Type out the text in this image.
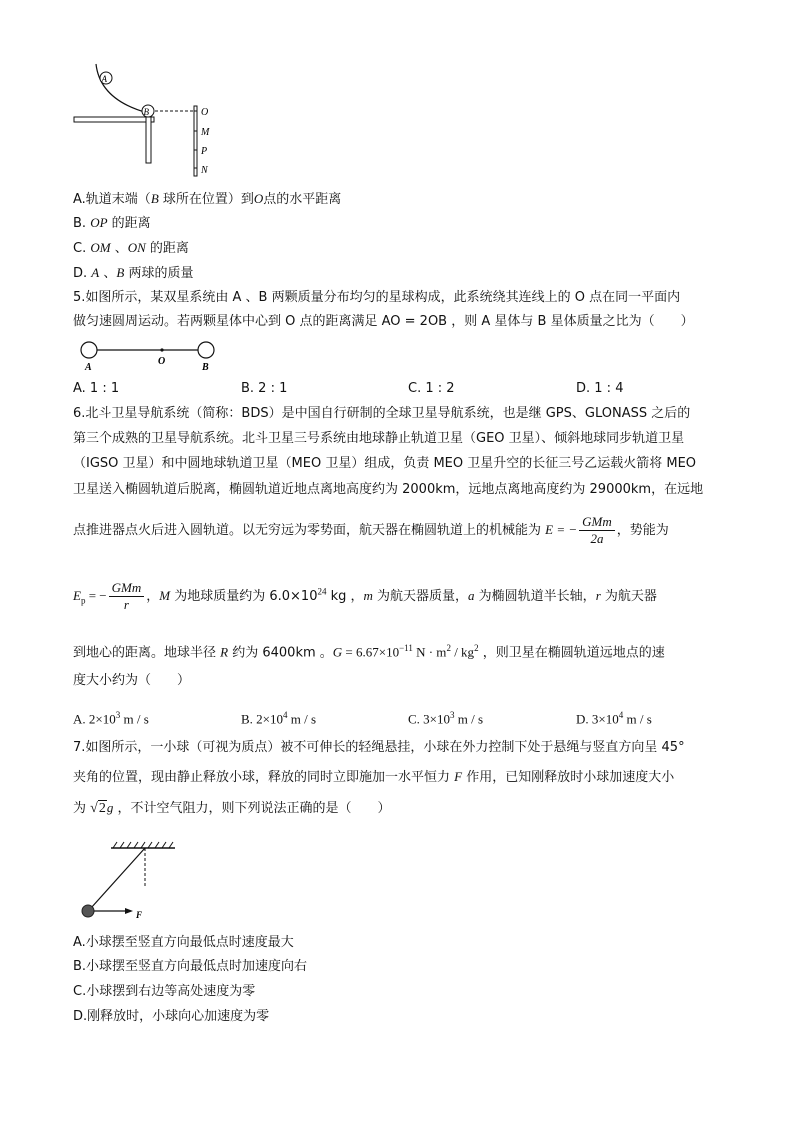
A
B	O
M
P
N
A.轨道末端（B 球所在位置）到O点的水平距离
B. OP 的距离
C. OM 、ON 的距离
D. A 、B 两球的质量
5.如图所示，某双星系统由 A 、B 两颗质量分布均匀的星球构成，此系统绕其连线上的 O 点在同一平面内
做匀速圆周运动。若两颗星体中心到 O 点的距离满足 AO = 2OB ，则 A 星体与 B 星体质量之比为（　　）
A
O
B
A. 1 : 1	B. 2 : 1	C. 1 : 2	D. 1 : 4
6.北斗卫星导航系统（简称：BDS）是中国自行研制的全球卫星导航系统，也是继 GPS、GLONASS 之后的
第三个成熟的卫星导航系统。北斗卫星三号系统由地球静止轨道卫星（GEO 卫星）、倾斜地球同步轨道卫星
（IGSO 卫星）和中圆地球轨道卫星（MEO 卫星）组成，负责 MEO 卫星升空的长征三号乙运载火箭将 MEO
卫星送入椭圆轨道后脱离，椭圆轨道近地点离地高度约为 2000km，远地点离地高度约为 29000km，在远地
点推进器点火后进入圆轨道。以无穷远为零势面，航天器在椭圆轨道上的机械能为 E = − $\frac{\text{GMm}}{2a}$ ，势能为
$E_p$ = − $\frac{\text{GMm}}{r}$ ，M 为地球质量约为 $6.0\times 10^{24}$ kg ，m 为航天器质量，a 为椭圆轨道半长轴，r 为航天器
到地心的距离。地球半径 R 约为 6400km 。$G = 6.67\times 10^{-11}$ $N \cdot m^2 / kg^2$ ，则卫星在椭圆轨道远地点的速
度大小约为（　　）
A. $2\times 10^3$ m / s	B. $2\times 10^4$ m / s	C. $3\times 10^3$ m / s	D. $3\times 10^4$ m / s
7.如图所示，一小球（可视为质点）被不可伸长的轻绳悬挂，小球在外力控制下处于悬绳与竖直方向呈 45°
夹角的位置，现由静止释放小球，释放的同时立即施加一水平恒力 F 作用，已知刚释放时小球加速度大小
为 √2g ，不计空气阻力，则下列说法正确的是（　　）
F
A.小球摆至竖直方向最低点时速度最大
B.小球摆至竖直方向最低点时加速度向右
C.小球摆到右边等高处速度为零
D.刚释放时，小球向心加速度为零
